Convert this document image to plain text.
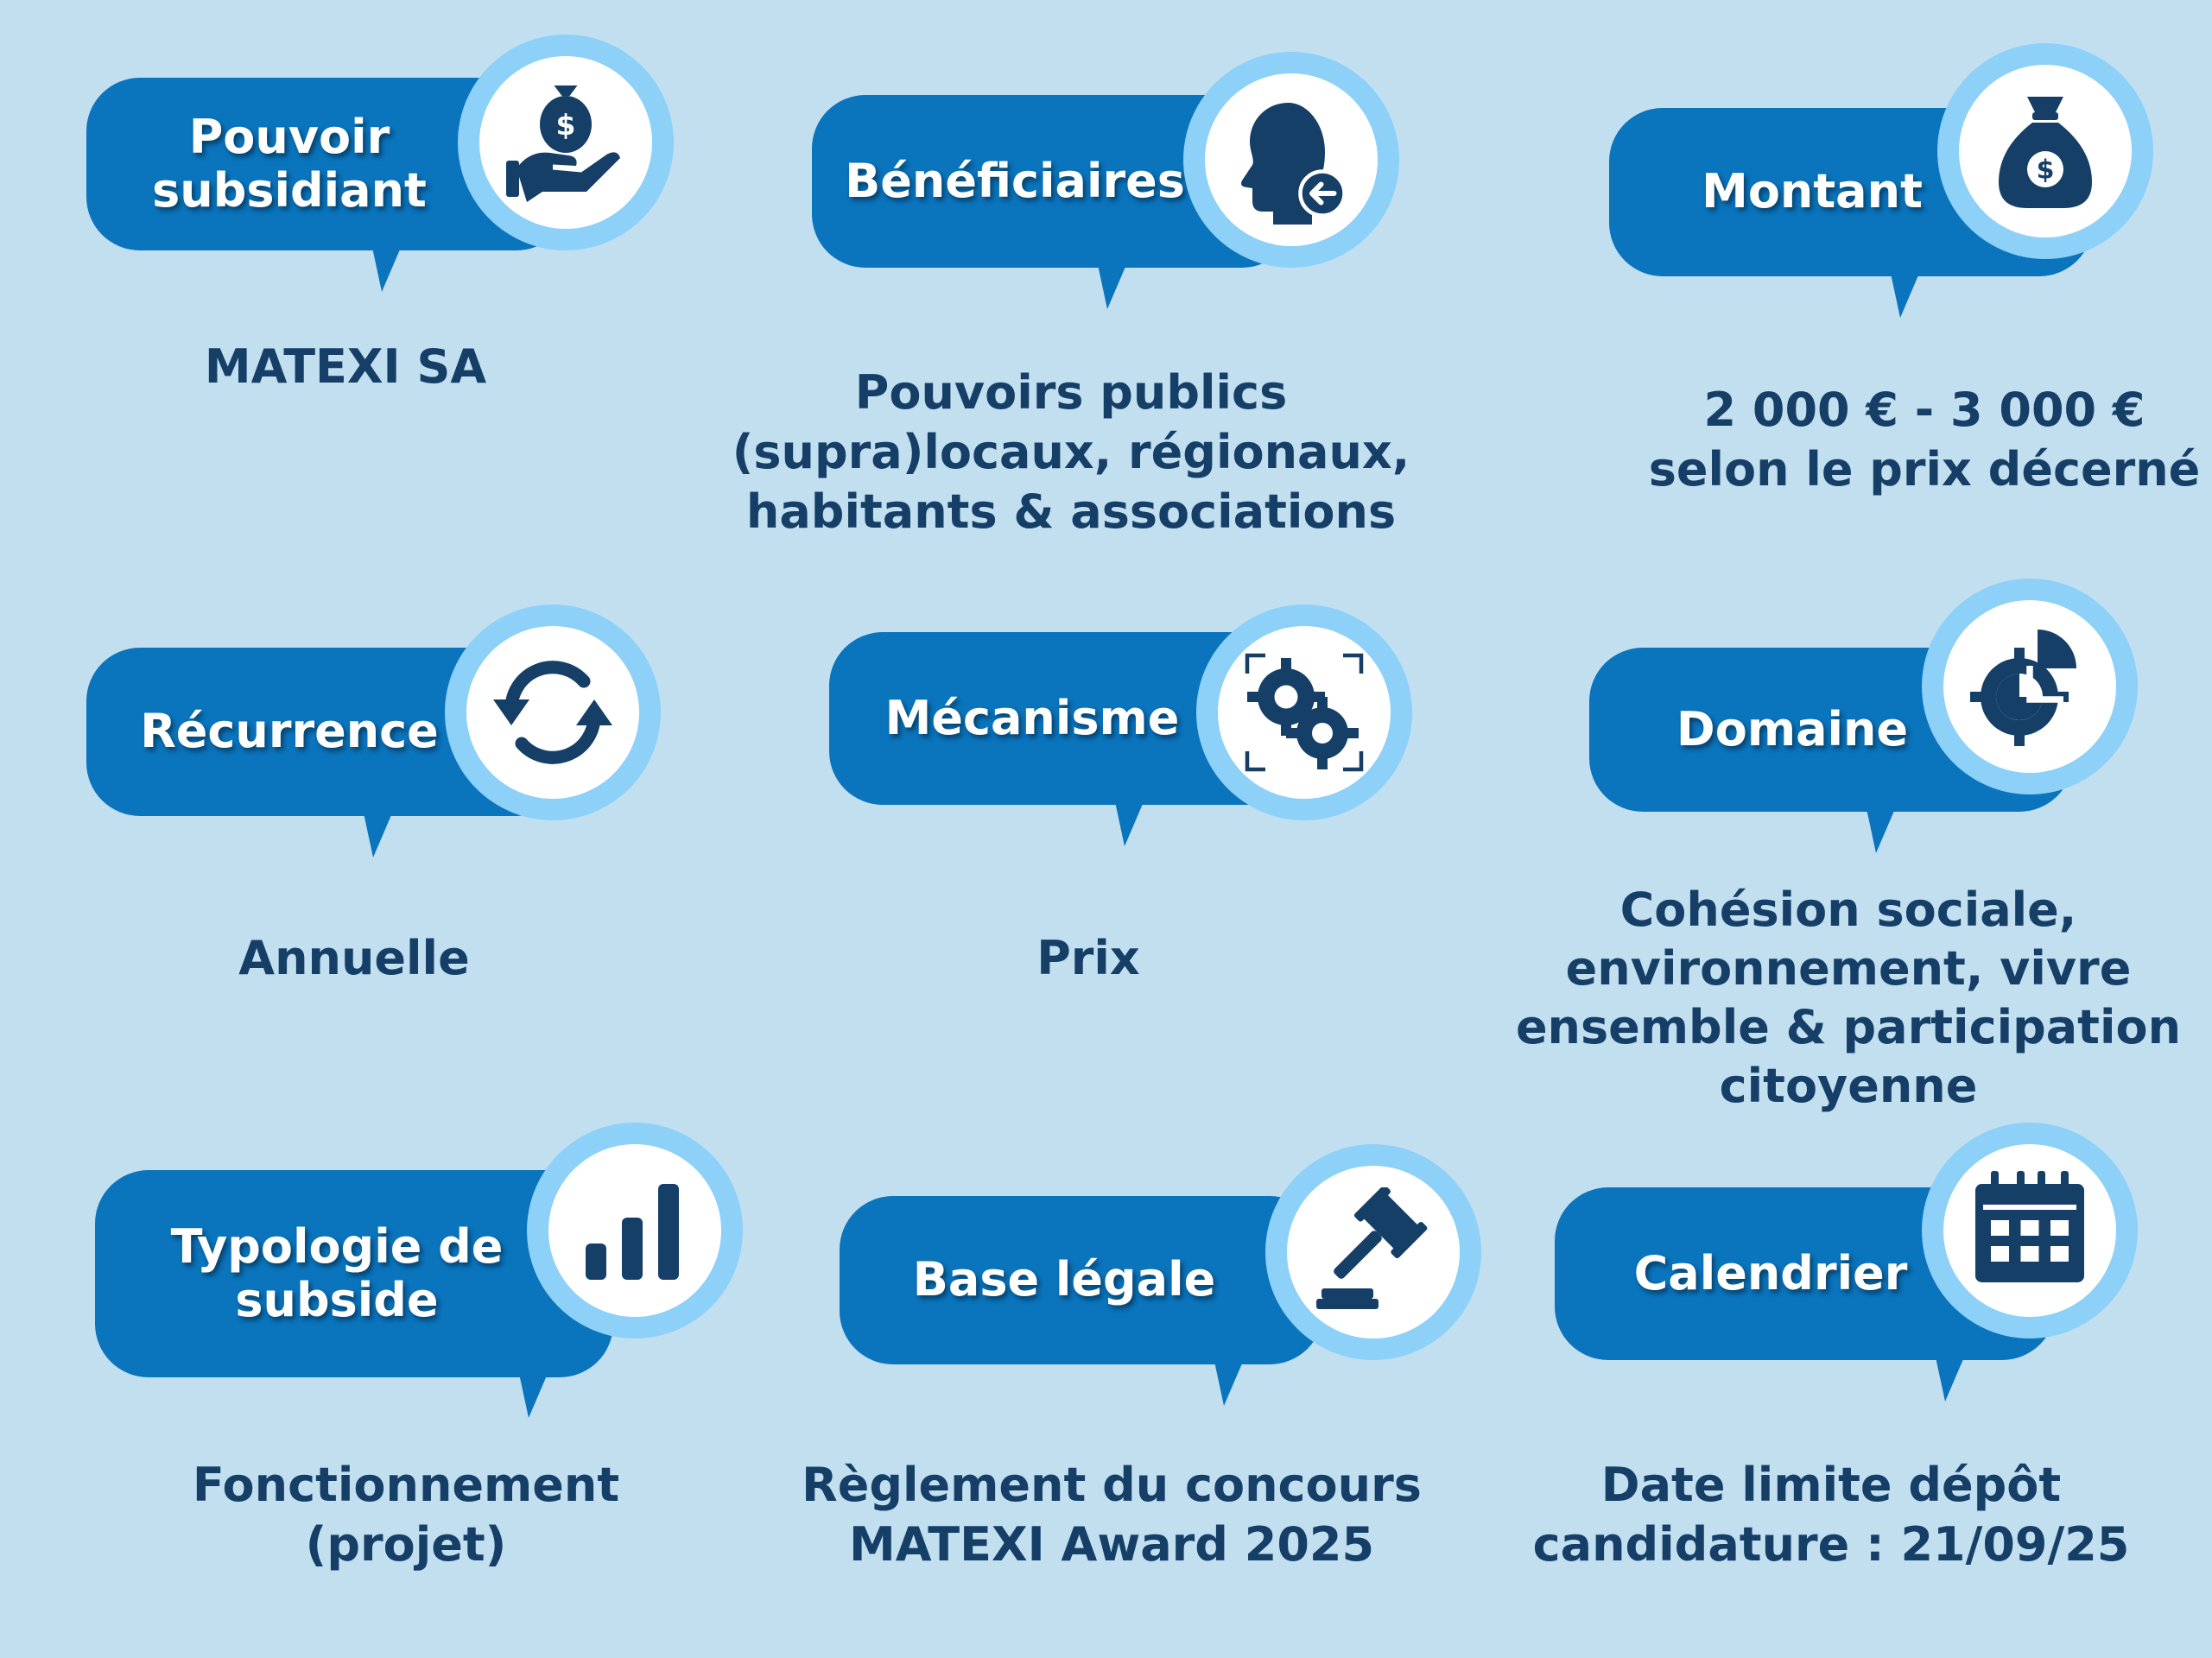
Pouvoir subsidiant
$
MATEXI SA
Bénéficiaires
Pouvoirs publics
(supra)locaux, régionaux,
habitants & associations
Montant	$
2 000 € - 3 000 €
selon le prix décerné
Récurrence
Annuelle
Mécanisme
Prix
Domaine
Cohésion sociale,
environnement, vivre
ensemble & participation
citoyenne
Typologie de subside
Fonctionnement
(projet)
Base légale
Règlement du concours
MATEXI Award 2025
Calendrier
Date limite dépôt
candidature : 21/09/25
